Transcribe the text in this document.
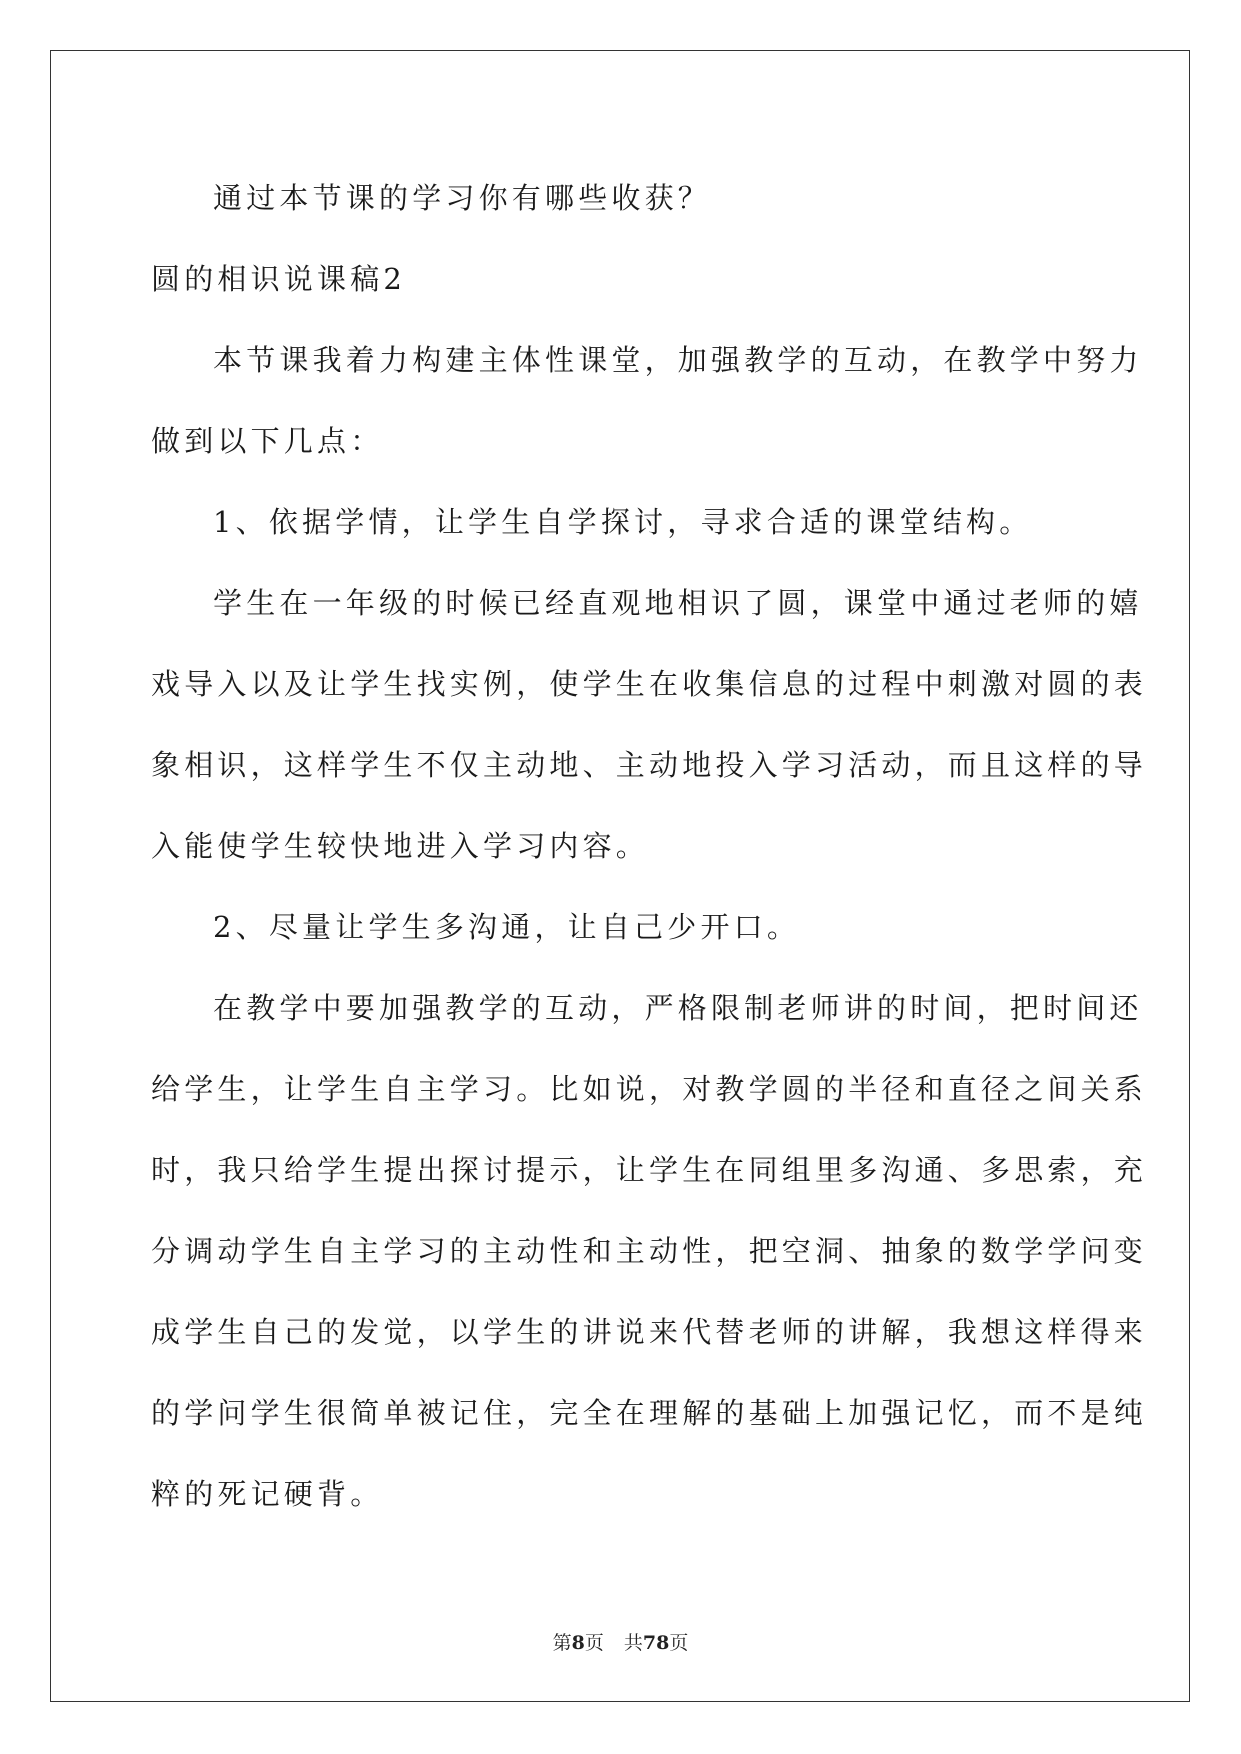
通过本节课的学习你有哪些收获？

圆的相识说课稿2

本节课我着力构建主体性课堂，加强教学的互动，在教学中努力

做到以下几点：

1、依据学情，让学生自学探讨，寻求合适的课堂结构。

学生在一年级的时候已经直观地相识了圆，课堂中通过老师的嬉

戏导入以及让学生找实例，使学生在收集信息的过程中刺激对圆的表

象相识，这样学生不仅主动地、主动地投入学习活动，而且这样的导

入能使学生较快地进入学习内容。

2、尽量让学生多沟通，让自己少开口。

在教学中要加强教学的互动，严格限制老师讲的时间，把时间还

给学生，让学生自主学习。比如说，对教学圆的半径和直径之间关系

时，我只给学生提出探讨提示，让学生在同组里多沟通、多思索，充

分调动学生自主学习的主动性和主动性，把空洞、抽象的数学学问变

成学生自己的发觉，以学生的讲说来代替老师的讲解，我想这样得来

的学问学生很简单被记住，完全在理解的基础上加强记忆，而不是纯

粹的死记硬背。

第8页 共78页
